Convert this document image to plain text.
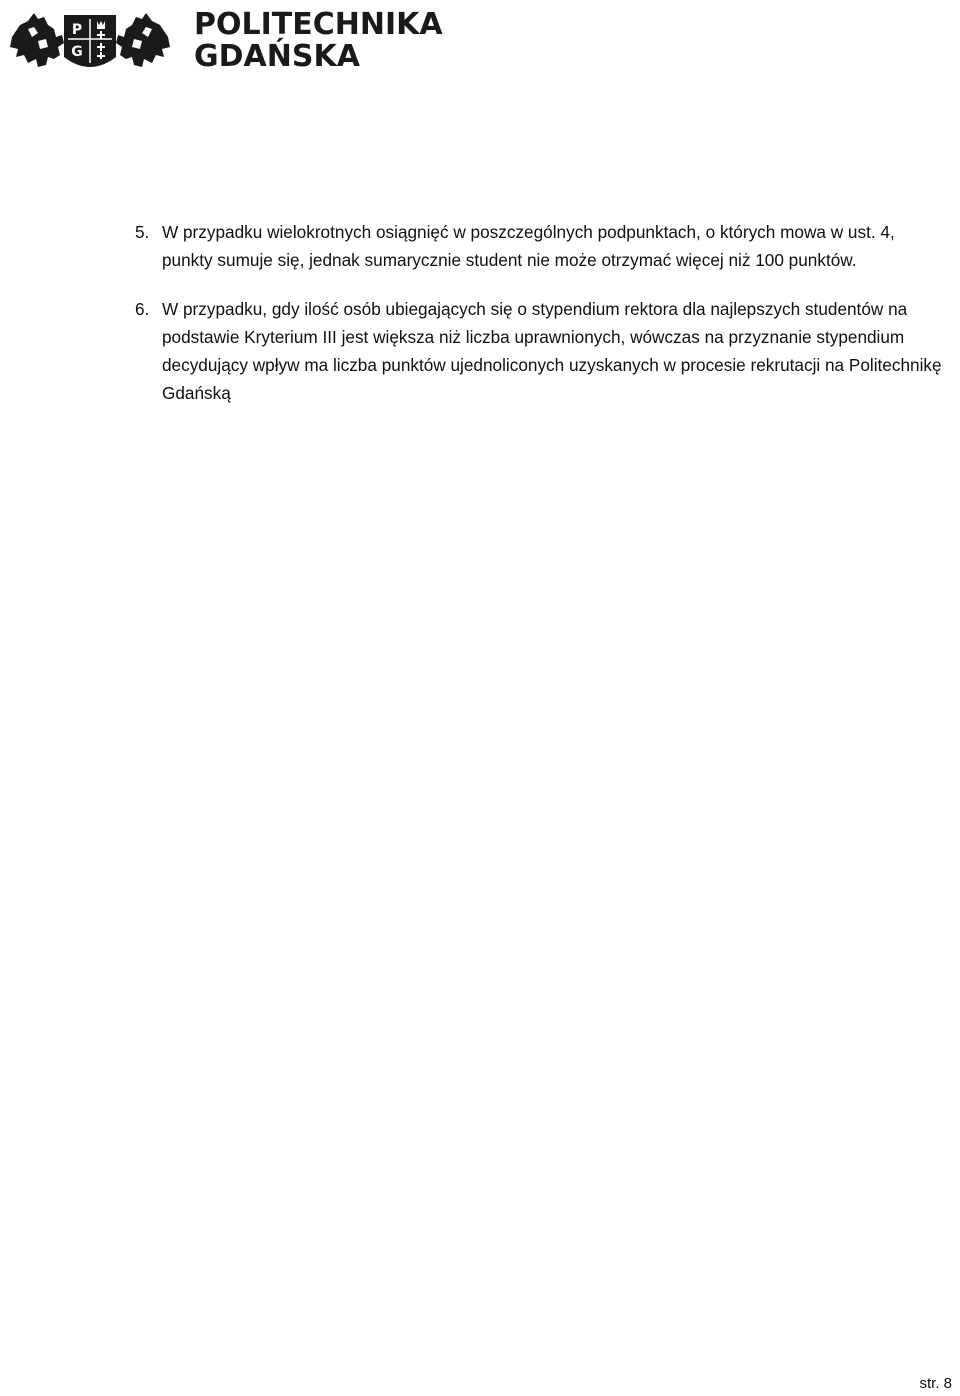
P
G
POLITECHNIKA
GDAŃSKA
5. W przypadku wielokrotnych osiągnięć w poszczególnych podpunktach, o których mowa w ust. 4, punkty sumuje się, jednak sumarycznie student nie może otrzymać więcej niż 100 punktów.
6. W przypadku, gdy ilość osób ubiegających się o stypendium rektora dla najlepszych studentów na podstawie Kryterium III jest większa niż liczba uprawnionych, wówczas na przyznanie stypendium decydujący wpływ ma liczba punktów ujednoliconych uzyskanych w procesie rekrutacji na Politechnikę Gdańską
str. 8
